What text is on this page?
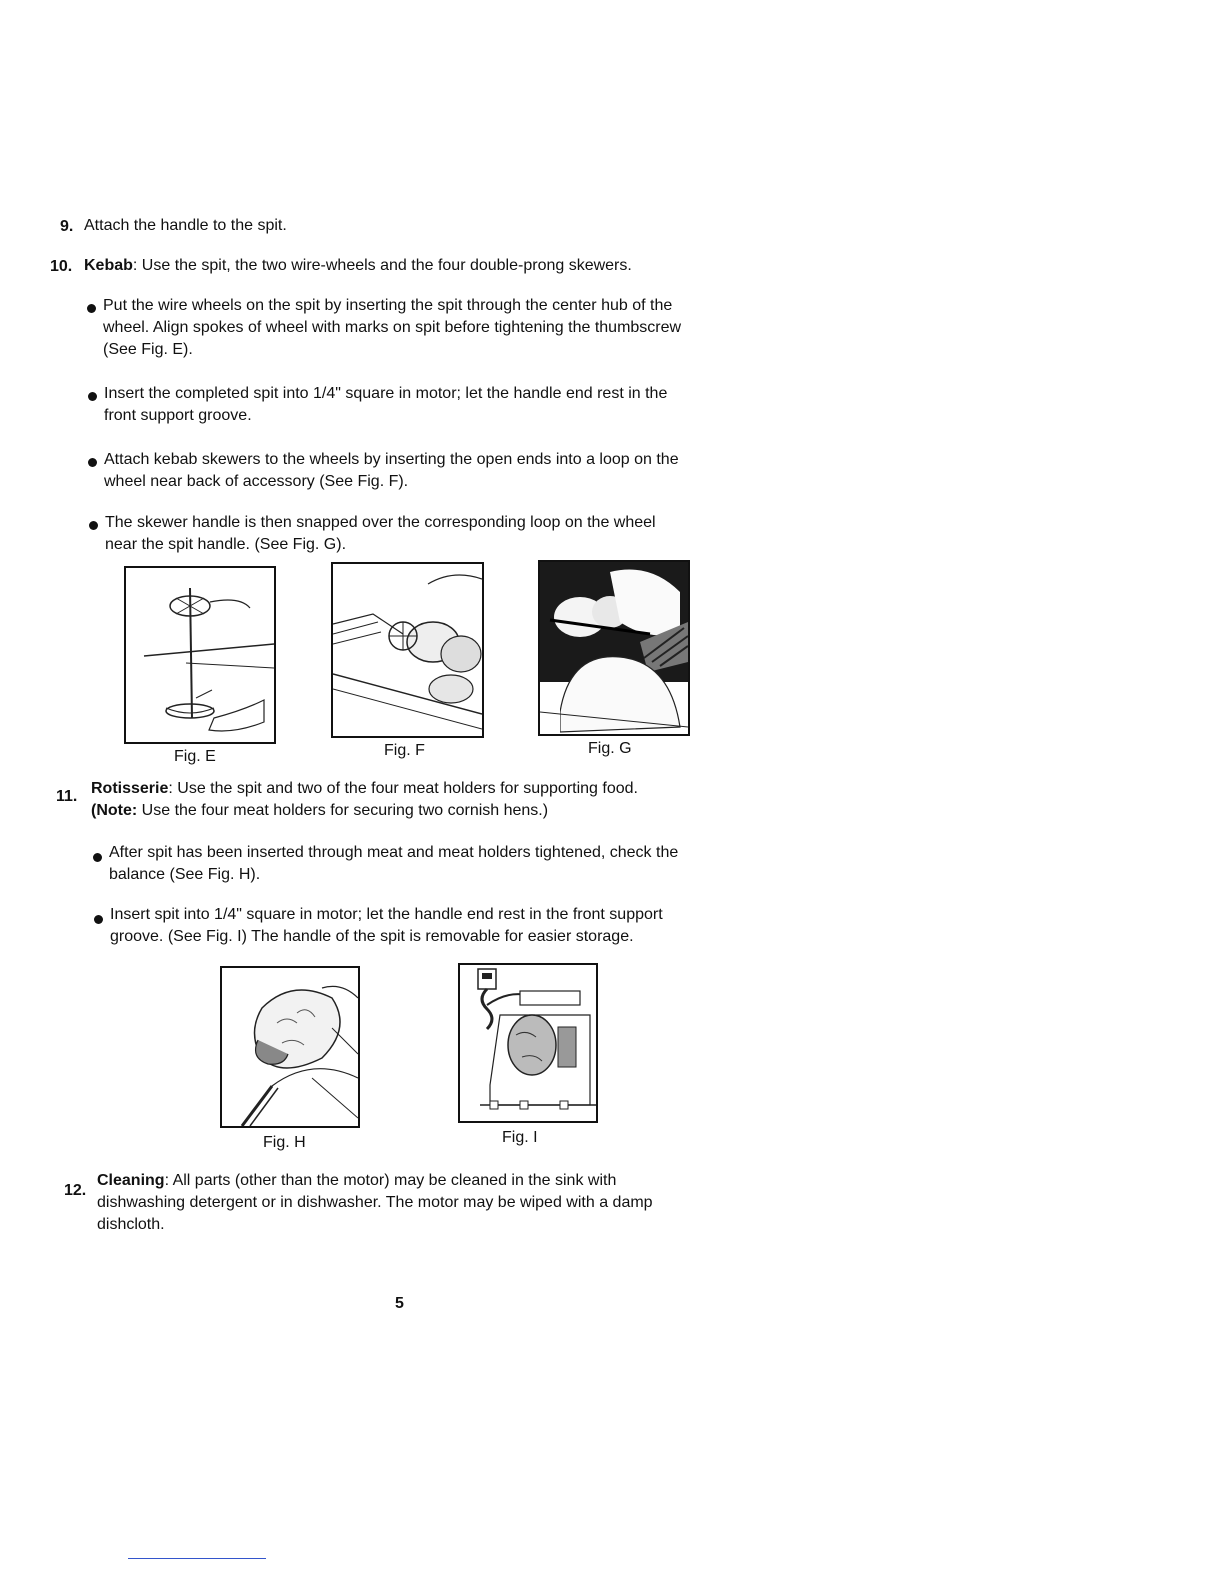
9. Attach the handle to the spit.
10. Kebab: Use the spit, the two wire-wheels and the four double-prong skewers.
Put the wire wheels on the spit by inserting the spit through the center hub of the
wheel. Align spokes of wheel with marks on spit before tightening the thumbscrew
(See Fig. E).
Insert the completed spit into 1/4" square in motor; let the handle end rest in the
front support groove.
Attach kebab skewers to the wheels by inserting the open ends into a loop on the
wheel near back of accessory (See Fig. F).
The skewer handle is then snapped over the corresponding loop on the wheel
near the spit handle. (See Fig. G).
Fig. E	Fig. F	Fig. G
11. Rotisserie: Use the spit and two of the four meat holders for supporting food.
(Note: Use the four meat holders for securing two cornish hens.)
After spit has been inserted through meat and meat holders tightened, check the
balance (See Fig. H).
Insert spit into 1/4" square in motor; let the handle end rest in the front support
groove. (See Fig. I) The handle of the spit is removable for easier storage.
Fig. H	Fig. I
12.
Cleaning: All parts (other than the motor) may be cleaned in the sink with
dishwashing detergent or in dishwasher. The motor may be wiped with a damp
dishcloth.
5
